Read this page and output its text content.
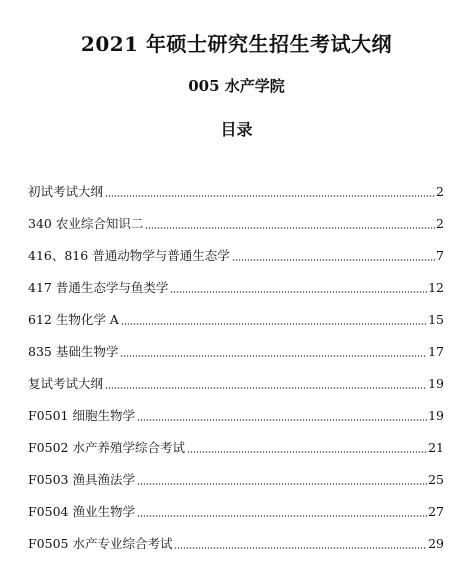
2021 年硕士研究生招生考试大纲
005 水产学院
目录
初试考试大纲	2
340 农业综合知识二	2
416、816 普通动物学与普通生态学	7
417 普通生态学与鱼类学	12
612 生物化学 A	15
835 基础生物学	17
复试考试大纲	19
F0501 细胞生物学	19
F0502 水产养殖学综合考试	21
F0503 渔具渔法学	25
F0504 渔业生物学	27
F0505 水产专业综合考试	29
